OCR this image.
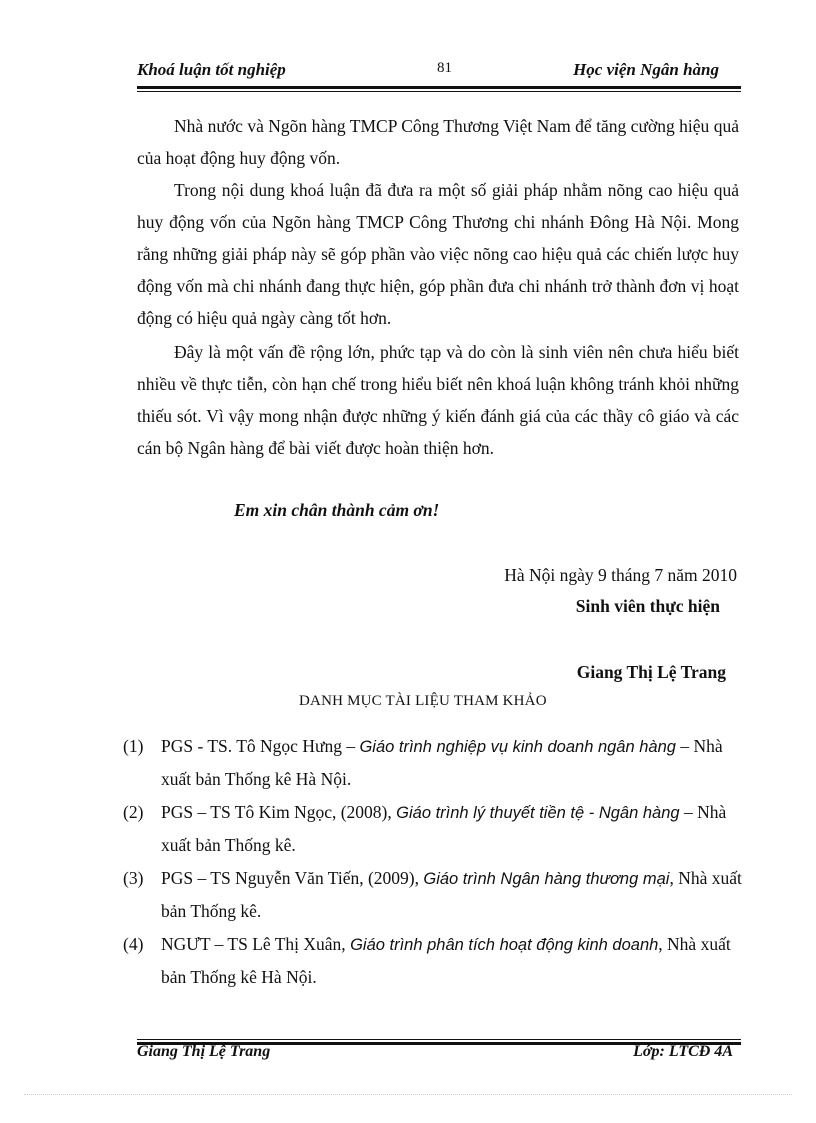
Khoá luận tốt nghiệp	81	Học viện Ngân hàng

Nhà nước và Ngõn hàng TMCP Công Thương Việt Nam để tăng cường hiệu quả của hoạt động huy động vốn.

Trong nội dung khoá luận đã đưa ra một số giải pháp nhằm nõng cao hiệu quả huy động vốn của Ngõn hàng TMCP Công Thương chi nhánh Đông Hà Nội. Mong rằng những giải pháp này sẽ góp phần vào việc nõng cao hiệu quả các chiến lược huy động vốn mà chi nhánh đang thực hiện, góp phần đưa chi nhánh trở thành đơn vị hoạt động có hiệu quả ngày càng tốt hơn.

Đây là một vấn đề rộng lớn, phức tạp và do còn là sinh viên nên chưa hiểu biết nhiều về thực tiễn, còn hạn chế trong hiểu biết nên khoá luận không tránh khỏi những thiếu sót. Vì vậy mong nhận được những ý kiến đánh giá của các thầy cô giáo và các cán bộ Ngân hàng để bài viết được hoàn thiện hơn.

Em xin chân thành cảm ơn!
Hà Nội ngày 9 tháng 7 năm 2010
Sinh viên thực hiện
Giang Thị Lệ Trang
DANH MỤC TÀI LIỆU THAM KHẢO
(1) PGS - TS. Tô Ngọc Hưng – Giáo trình nghiệp vụ kinh doanh ngân hàng – Nhà xuất bản Thống kê Hà Nội.
(2) PGS – TS Tô Kim Ngọc, (2008), Giáo trình lý thuyết tiền tệ - Ngân hàng – Nhà xuất bản Thống kê.
(3) PGS – TS Nguyễn Văn Tiến, (2009), Giáo trình Ngân hàng thương mại, Nhà xuất bản Thống kê.
(4) NGƯT – TS Lê Thị Xuân, Giáo trình phân tích hoạt động kinh doanh, Nhà xuất bản Thống kê Hà Nội.
Giang Thị Lệ Trang	Lớp: LTCĐ 4A
